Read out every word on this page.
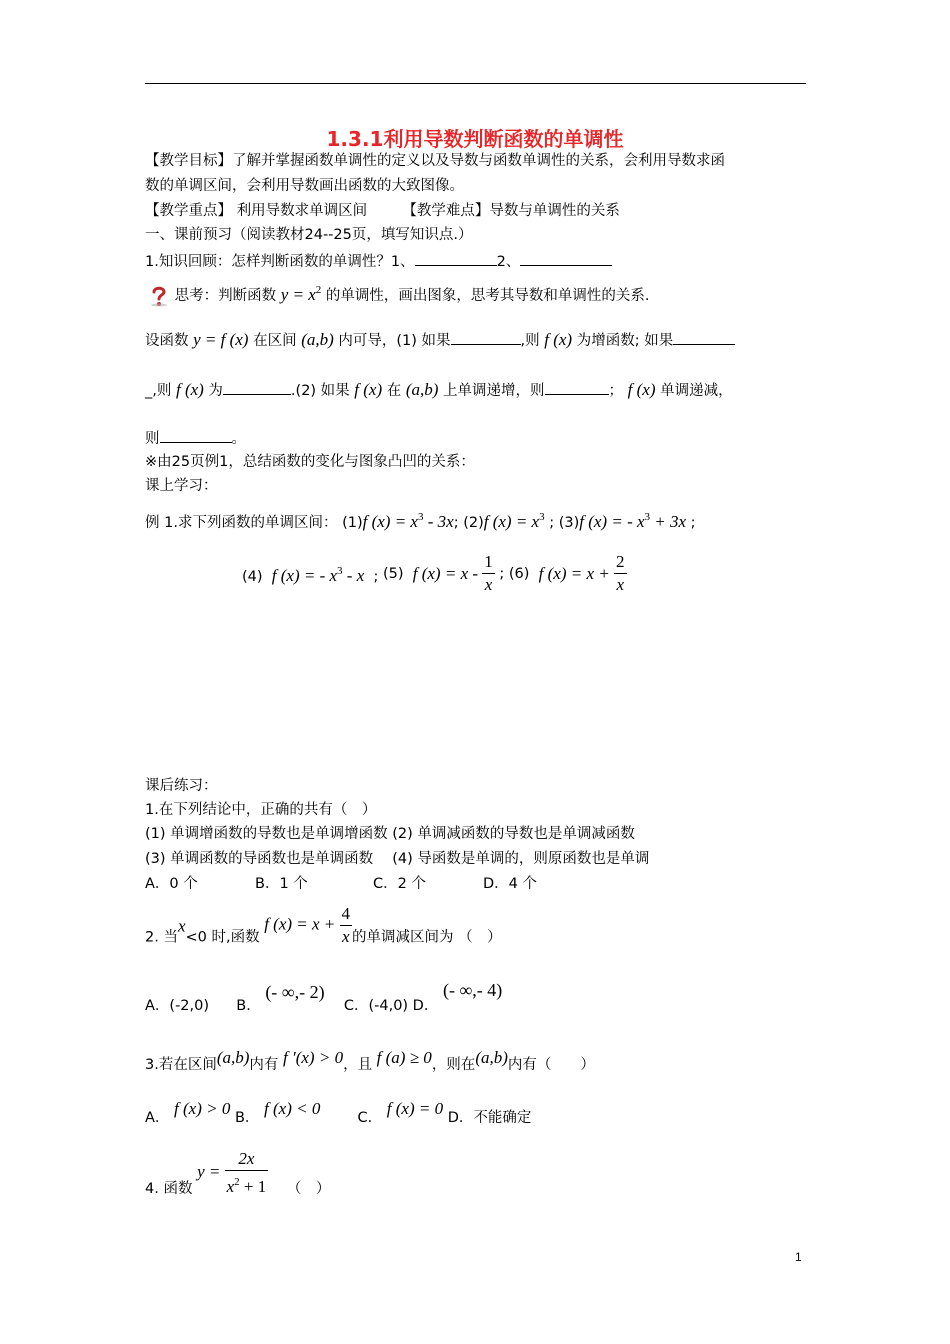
1.3.1利用导数判断函数的单调性
【教学目标】了解并掌握函数单调性的定义以及导数与函数单调性的关系，会利用导数求函
数的单调区间，会利用导数画出函数的大致图像。
【教学重点】 利用导数求单调区间 【教学难点】导数与单调性的关系
一、课前预习（阅读教材24--25页，填写知识点.）
1.知识回顾：怎样判断函数的单调性？1、	2、
思考：判断函数 $y = x^2$ 的单调性，画出图象，思考其导数和单调性的关系.
设函数 y = f (x) 在区间 (a,b) 内可导，(1) 如果	,则 f (x) 为增函数; 如果
_,则 f (x) 为	.(2) 如果 f (x) 在 (a,b) 上单调递增，则	； f (x) 单调递减，
则	。
※由25页例1，总结函数的变化与图象凸凹的关系：
课上学习：
例 1.求下列函数的单调区间： (1)f $(x) = x^3 - 3x$; (2)f $(x) = x^3$ ; (3)f (x) = - $x^3 + 3x$ ;
(4) f (x) = - $x^3$ - x ; (5) f $(x) = x - \frac{1}{x}$ ; (6) f $(x) = x + \frac{2}{x}$
课后练习：
1.在下列结论中，正确的共有（　）
(1) 单调增函数的导数也是单调增函数 (2) 单调减函数的导数也是单调减函数
(3) 单调函数的导函数也是单调函数 　(4) 导函数是单调的，则原函数也是单调
A．0 个	B．1 个	C．2 个	D．4 个
2. 当x<0 时,函数 f $(x) = x + \frac{4}{x}$ 的单调减区间为 （　）
A．(-2,0) B． (- ∞,- 2)  C．(-4,0) D． (- ∞,- 4)
3.若在区间(a,b)内有 f ′(x) > 0，且 f (a) ≥ 0，则在(a,b)内有（　　）
A． f (x) > 0 B． f (x) < 0	C． f (x) = 0 D．不能确定
4. 函数 $y = \frac{2x}{x^2 + 1}$ （　）
1
